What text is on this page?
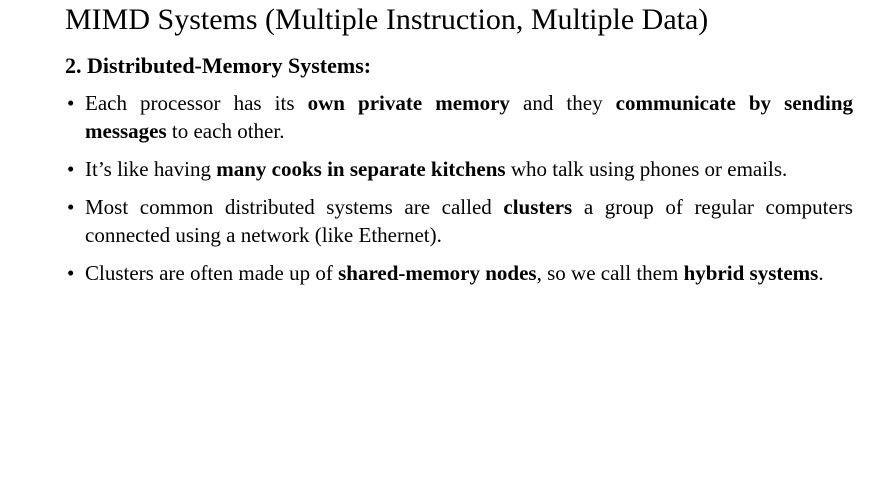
MIMD Systems (Multiple Instruction, Multiple Data)
2. Distributed-Memory Systems:
• Each processor has its own private memory and they communicate by sending messages to each other.
• It’s like having many cooks in separate kitchens who talk using phones or emails.
• Most common distributed systems are called clusters a group of regular computers connected using a network (like Ethernet).
• Clusters are often made up of shared-memory nodes, so we call them hybrid systems.
